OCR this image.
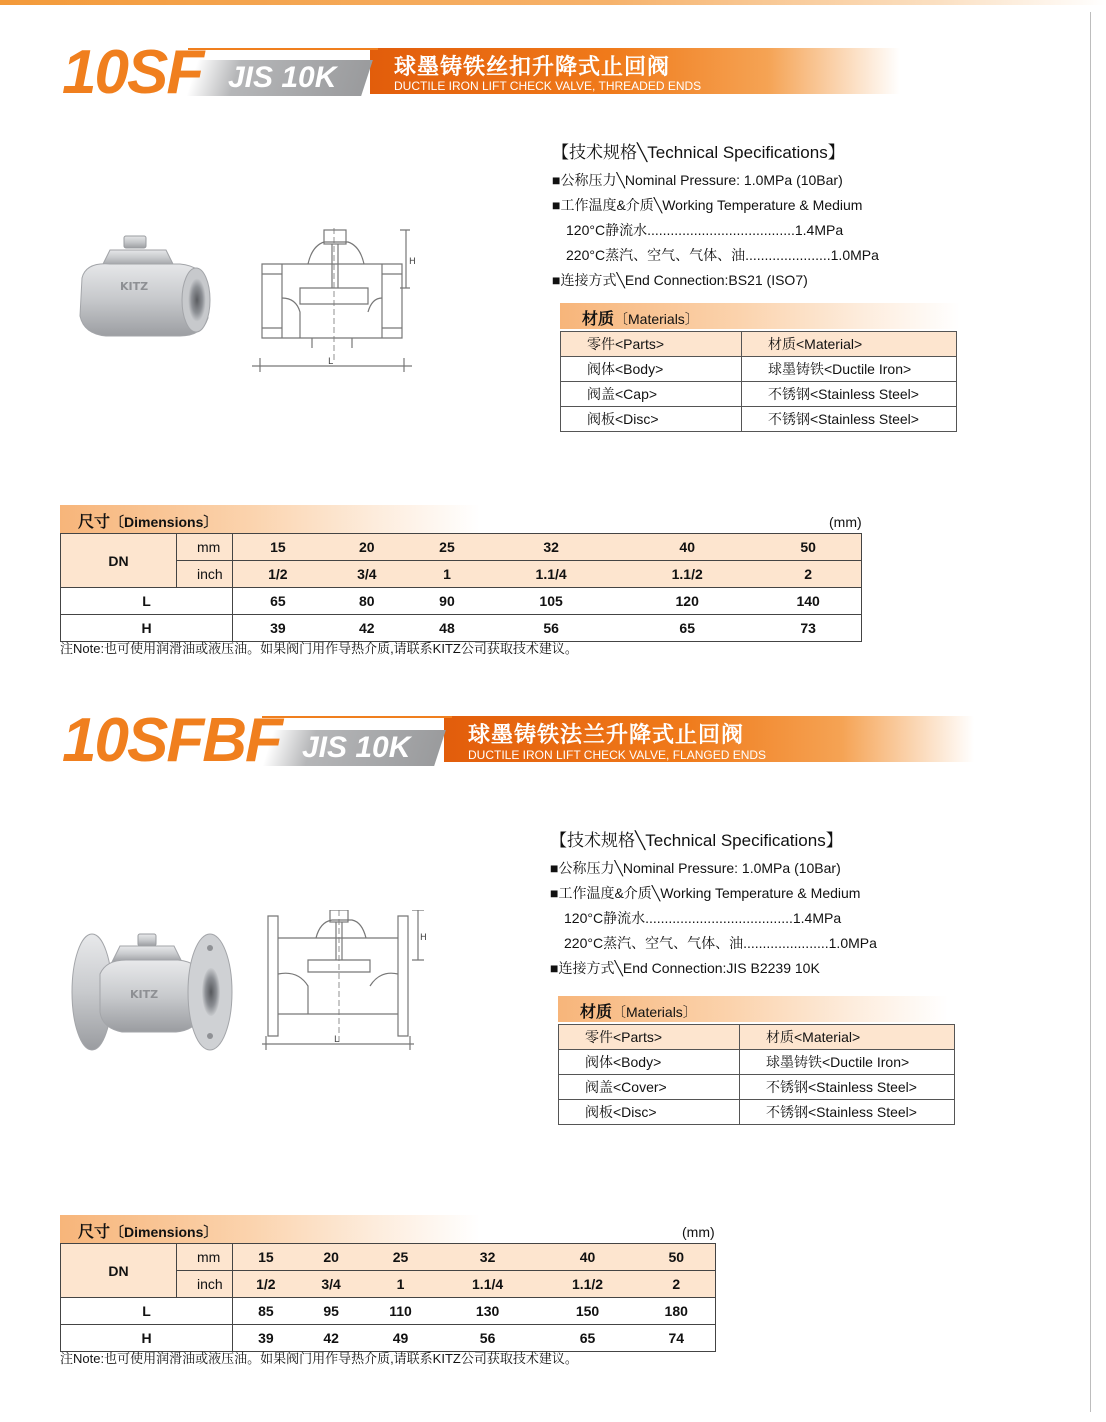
JIS 10K
10SF	球墨铸铁丝扣升降式止回阀
DUCTILE IRON LIFT CHECK VALVE, THREADED ENDS
KITZ
H
L
【技术规格╲Technical Specifications】
■公称压力╲Nominal Pressure: 1.0MPa (10Bar)
■工作温度&介质╲Working Temperature & Medium
120°C静流水......................................1.4MPa
220°C蒸汽、空气、气体、油......................1.0MPa
■连接方式╲End Connection:BS21 (ISO7)
材质〔Materials〕
零件<Parts>	材质<Material>
阀体<Body>	球墨铸铁<Ductile Iron>
阀盖<Cap>	不锈钢<Stainless Steel>
阀板<Disc>	不锈钢<Stainless Steel>
尺寸〔Dimensions〕	(mm)
DN	mm	15	20	25	32	40	50
	inch	1/2	3/4	1	1.1/4	1.1/2	2
L		65	80	90	105	120	140
H		39	42	48	56	65	73
注Note:也可使用润滑油或液压油。如果阀门用作导热介质,请联系KITZ公司获取技术建议。
JIS 10K
10SFBF	球墨铸铁法兰升降式止回阀
DUCTILE IRON LIFT CHECK VALVE, FLANGED ENDS
KITZ
H
L
【技术规格╲Technical Specifications】
■公称压力╲Nominal Pressure: 1.0MPa (10Bar)
■工作温度&介质╲Working Temperature & Medium
120°C静流水......................................1.4MPa
220°C蒸汽、空气、气体、油......................1.0MPa
■连接方式╲End Connection:JIS B2239 10K
材质〔Materials〕
零件<Parts>	材质<Material>
阀体<Body>	球墨铸铁<Ductile Iron>
阀盖<Cover>	不锈钢<Stainless Steel>
阀板<Disc>	不锈钢<Stainless Steel>
尺寸〔Dimensions〕	(mm)
DN	mm	15	20	25	32	40	50
	inch	1/2	3/4	1	1.1/4	1.1/2	2
L		85	95	110	130	150	180
H		39	42	49	56	65	74
注Note:也可使用润滑油或液压油。如果阀门用作导热介质,请联系KITZ公司获取技术建议。
